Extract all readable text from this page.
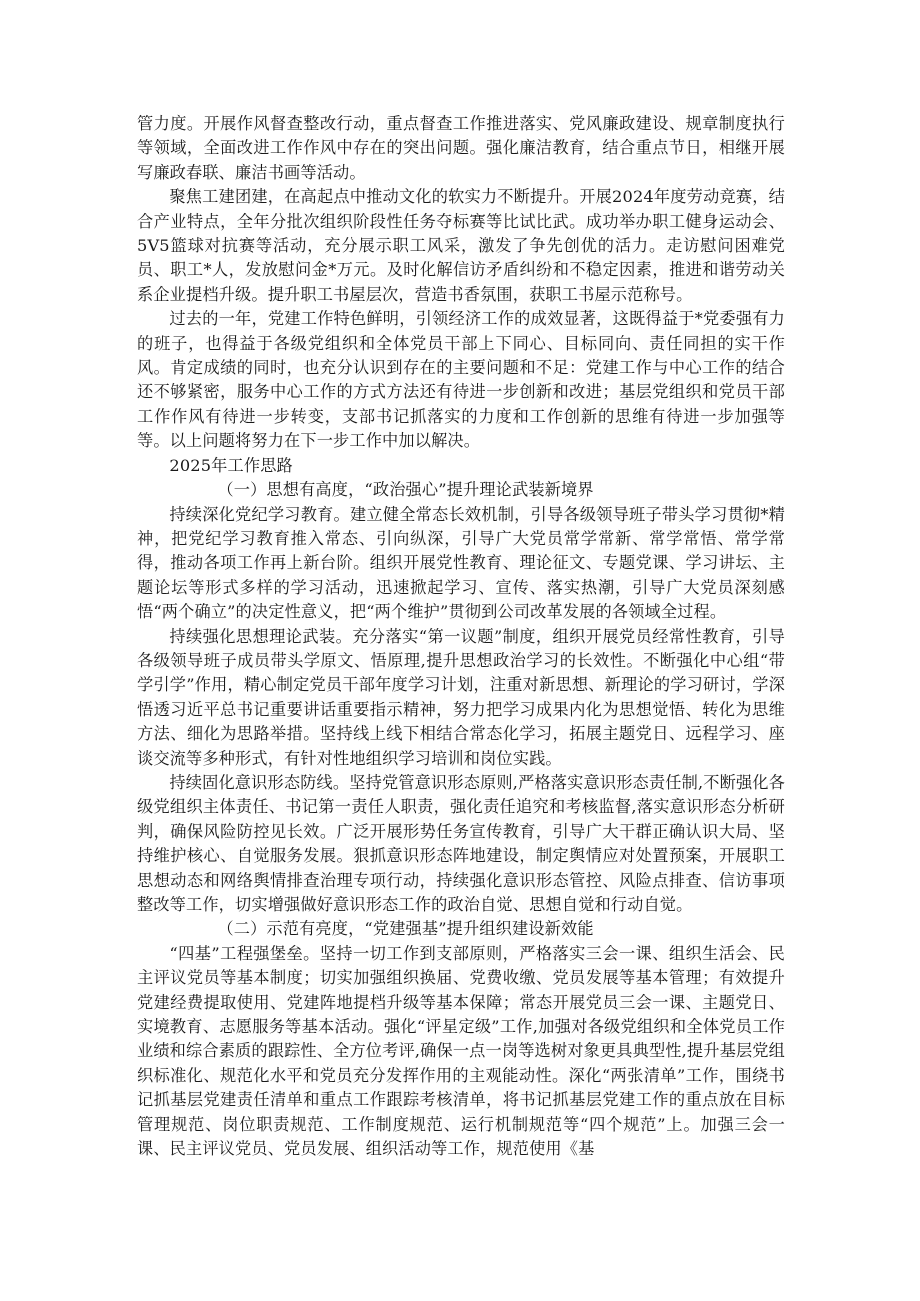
管力度。开展作风督查整改行动，重点督查工作推进落实、党风廉政建设、规章制度执行等领域，全面改进工作作风中存在的突出问题。强化廉洁教育，结合重点节日，相继开展写廉政春联、廉洁书画等活动。

聚焦工建团建，在高起点中推动文化的软实力不断提升。开展2024年度劳动竞赛，结合产业特点，全年分批次组织阶段性任务夺标赛等比试比武。成功举办职工健身运动会、5V5篮球对抗赛等活动，充分展示职工风采，激发了争先创优的活力。走访慰问困难党员、职工*人，发放慰问金*万元。及时化解信访矛盾纠纷和不稳定因素，推进和谐劳动关系企业提档升级。提升职工书屋层次，营造书香氛围，获职工书屋示范称号。

过去的一年，党建工作特色鲜明，引领经济工作的成效显著，这既得益于*党委强有力的班子，也得益于各级党组织和全体党员干部上下同心、目标同向、责任同担的实干作风。肯定成绩的同时，也充分认识到存在的主要问题和不足：党建工作与中心工作的结合还不够紧密，服务中心工作的方式方法还有待进一步创新和改进；基层党组织和党员干部工作作风有待进一步转变，支部书记抓落实的力度和工作创新的思维有待进一步加强等等。以上问题将努力在下一步工作中加以解决。

2025年工作思路

（一）思想有高度，“政治强心”提升理论武装新境界

持续深化党纪学习教育。建立健全常态长效机制，引导各级领导班子带头学习贯彻*精神，把党纪学习教育推入常态、引向纵深，引导广大党员常学常新、常学常悟、常学常得，推动各项工作再上新台阶。组织开展党性教育、理论征文、专题党课、学习讲坛、主题论坛等形式多样的学习活动，迅速掀起学习、宣传、落实热潮，引导广大党员深刻感悟“两个确立”的决定性意义，把“两个维护”贯彻到公司改革发展的各领域全过程。

持续强化思想理论武装。充分落实“第一议题”制度，组织开展党员经常性教育，引导各级领导班子成员带头学原文、悟原理,提升思想政治学习的长效性。不断强化中心组“带学引学”作用，精心制定党员干部年度学习计划，注重对新思想、新理论的学习研讨，学深悟透习近平总书记重要讲话重要指示精神，努力把学习成果内化为思想觉悟、转化为思维方法、细化为思路举措。坚持线上线下相结合常态化学习，拓展主题党日、远程学习、座谈交流等多种形式，有针对性地组织学习培训和岗位实践。

持续固化意识形态防线。坚持党管意识形态原则,严格落实意识形态责任制,不断强化各级党组织主体责任、书记第一责任人职责，强化责任追究和考核监督,落实意识形态分析研判，确保风险防控见长效。广泛开展形势任务宣传教育，引导广大干群正确认识大局、坚持维护核心、自觉服务发展。狠抓意识形态阵地建设，制定舆情应对处置预案，开展职工思想动态和网络舆情排查治理专项行动，持续强化意识形态管控、风险点排查、信访事项整改等工作，切实增强做好意识形态工作的政治自觉、思想自觉和行动自觉。

（二）示范有亮度，“党建强基”提升组织建设新效能

“四基”工程强堡垒。坚持一切工作到支部原则，严格落实三会一课、组织生活会、民主评议党员等基本制度；切实加强组织换届、党费收缴、党员发展等基本管理；有效提升党建经费提取使用、党建阵地提档升级等基本保障；常态开展党员三会一课、主题党日、实境教育、志愿服务等基本活动。强化“评星定级”工作,加强对各级党组织和全体党员工作业绩和综合素质的跟踪性、全方位考评,确保一点一岗等选树对象更具典型性,提升基层党组织标准化、规范化水平和党员充分发挥作用的主观能动性。深化“两张清单”工作，围绕书记抓基层党建责任清单和重点工作跟踪考核清单，将书记抓基层党建工作的重点放在目标管理规范、岗位职责规范、工作制度规范、运行机制规范等“四个规范”上。加强三会一课、民主评议党员、党员发展、组织活动等工作，规范使用《基
